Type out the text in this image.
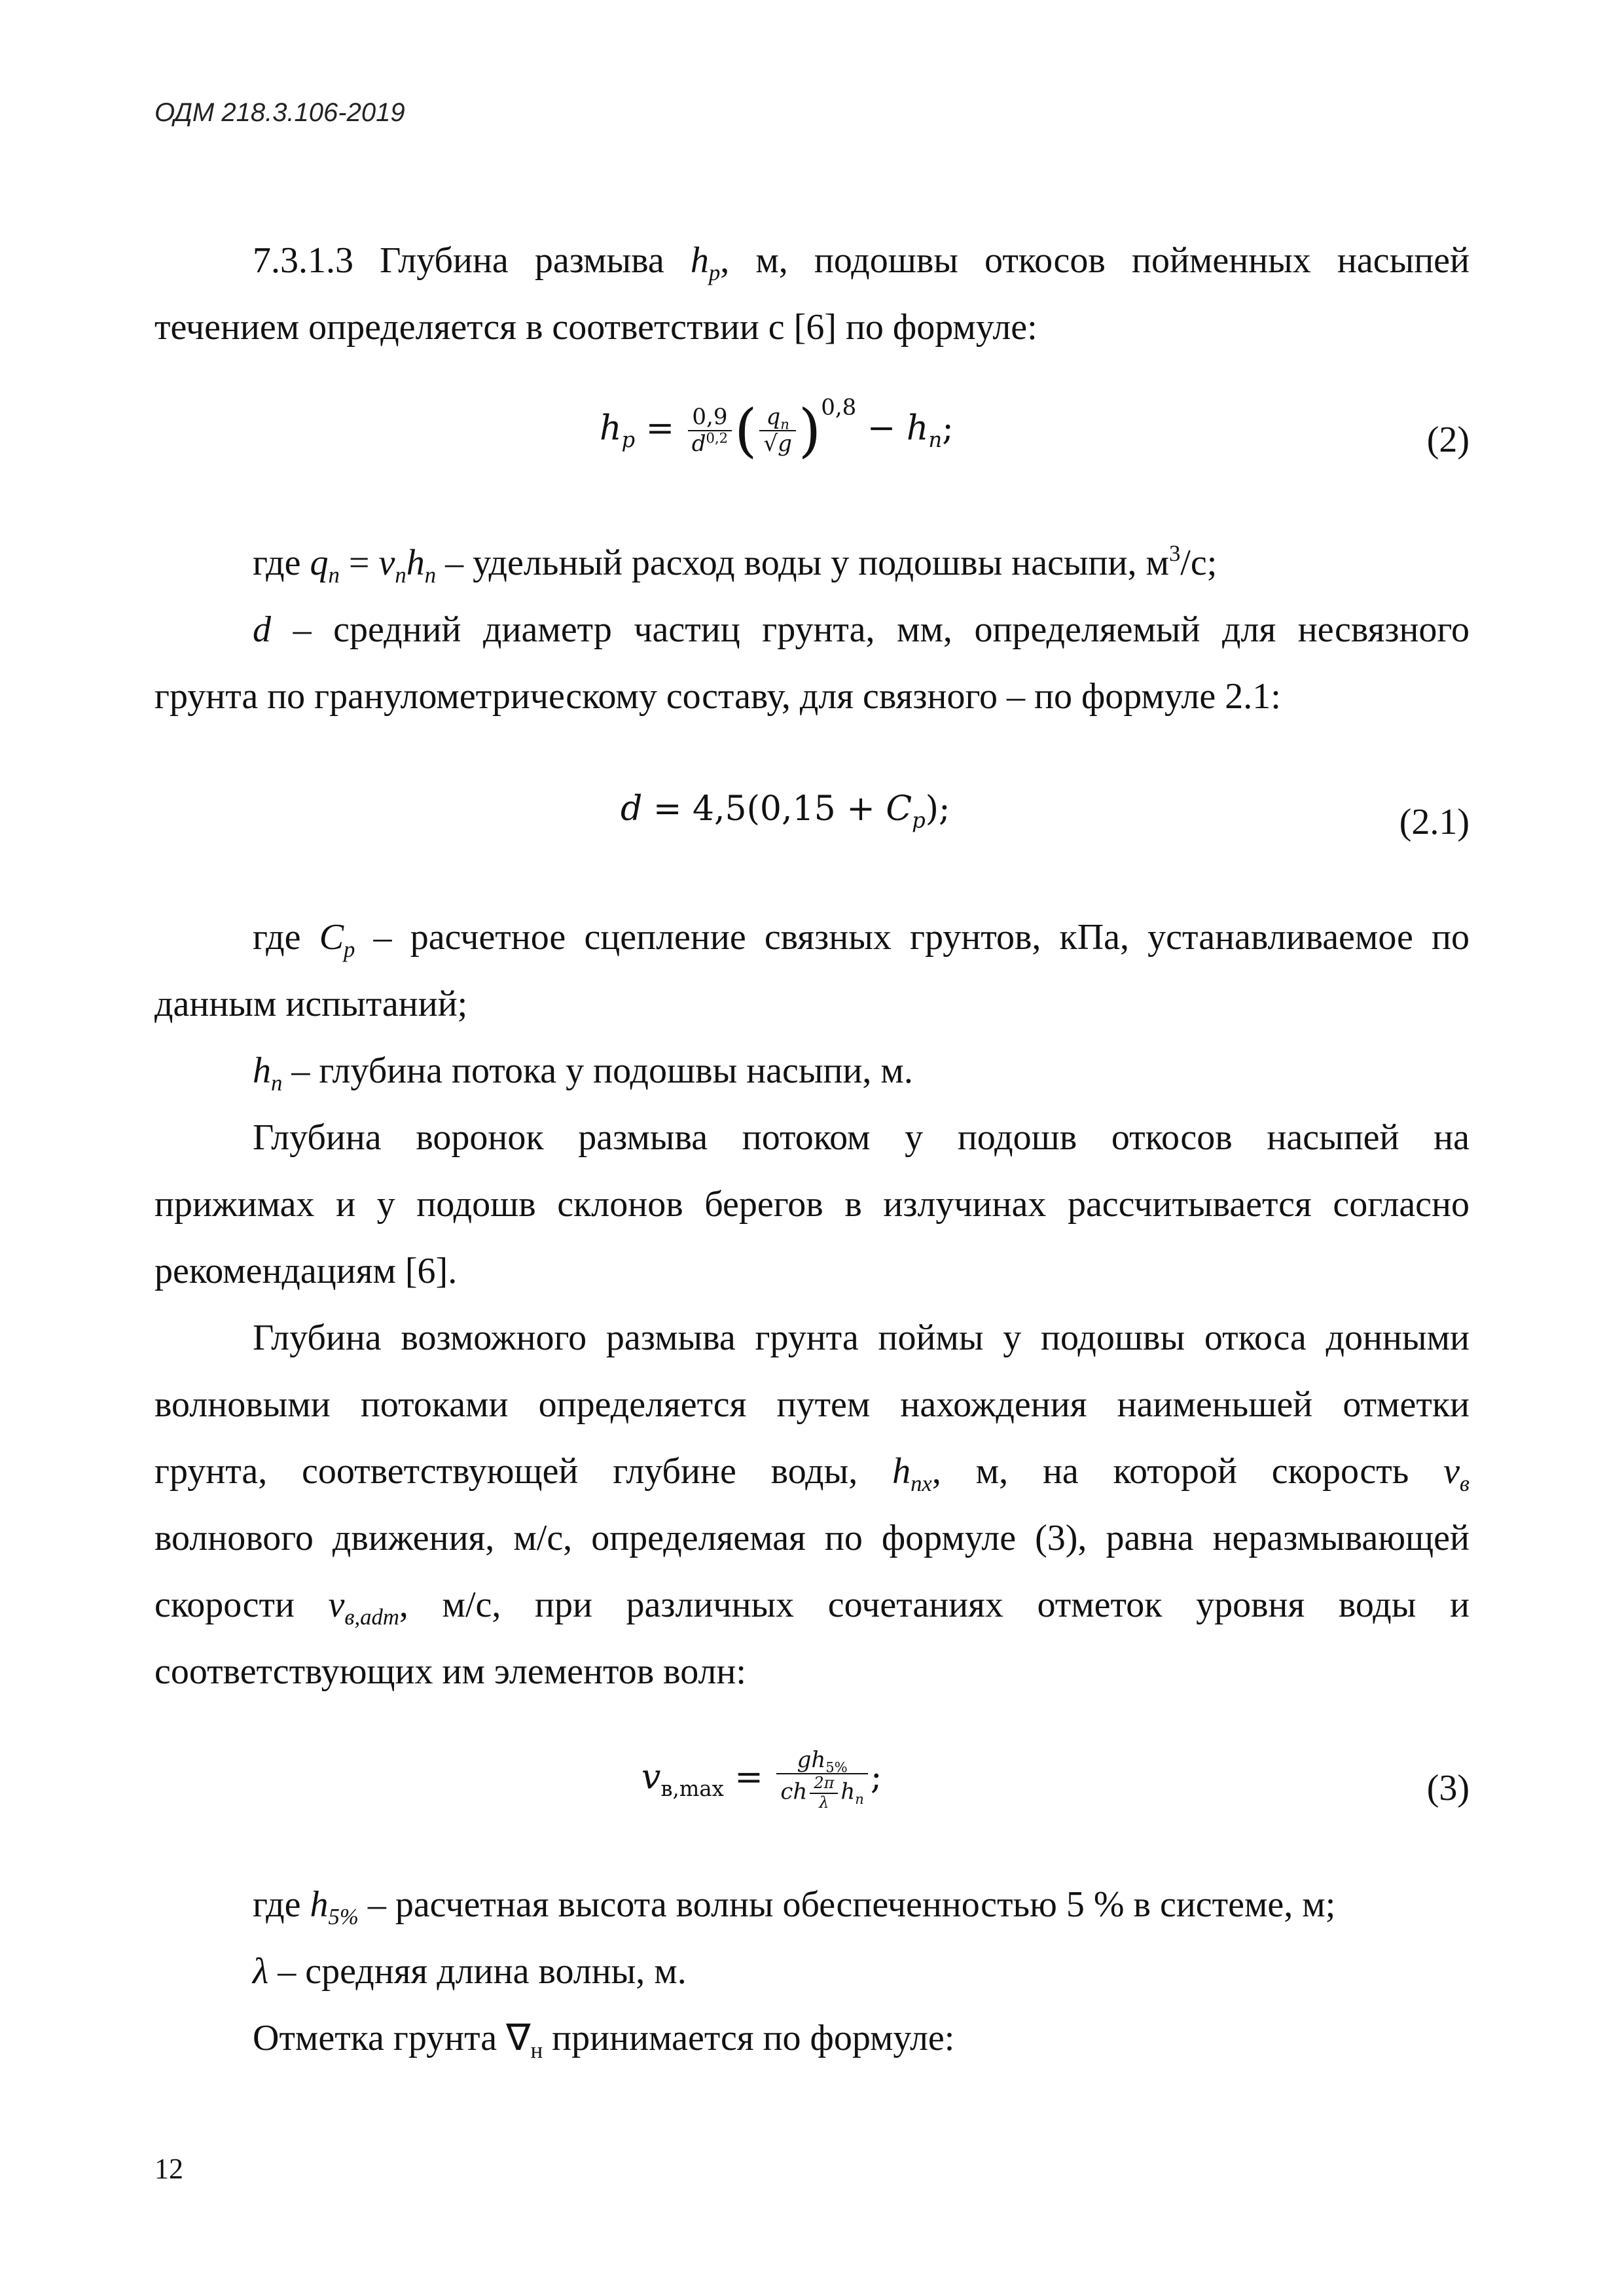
ОДМ 218.3.106-2019

7.3.1.3 Глубина размыва $h_p$, м, подошвы откосов пойменных насыпей

течением определяется в соответствии с [6] по формуле:

$h_p = \frac{0,9}{d^{0,2}}$ ( $\frac{q_n}{√g} )^{0,8} - h_n$;	(2)

где $q_n = v_nh_n$ – удельный расход воды у подошвы насыпи, $м^3/с$;

d – средний диаметр частиц грунта, мм, определяемый для несвязного

грунта по гранулометрическому составу, для связного – по формуле 2.1:

$d = 4,5(0,15 + C_p)$;	(2.1)

где $C_p$ – расчетное сцепление связных грунтов, кПа, устанавливаемое по

данным испытаний;

$h_n$ – глубина потока у подошвы насыпи, м.

Глубина воронок размыва потоком у подошв откосов насыпей на

прижимах и у подошв склонов берегов в излучинах рассчитывается согласно

рекомендациям [6].

Глубина возможного размыва грунта поймы у подошвы откоса донными

волновыми потоками определяется путем нахождения наименьшей отметки

грунта, соответствующей глубине воды, $h_{nx}$, м, на которой скорость $v_в$

волнового движения, м/с, определяемая по формуле (3), равна неразмывающей

скорости $v_{в,adm}$, м/с, при различных сочетаниях отметок уровня воды и

соответствующих им элементов волн:

$v_{в,max} = \frac{gh_{5\%}}{ch \frac{2\pi}{\lambda} h_n}$ ;	(3)

где $h_{5\%}$ – расчетная высота волны обеспеченностью 5 % в системе, м;

λ – средняя длина волны, м.

Отметка грунта $\nabla_н$ принимается по формуле:

12
